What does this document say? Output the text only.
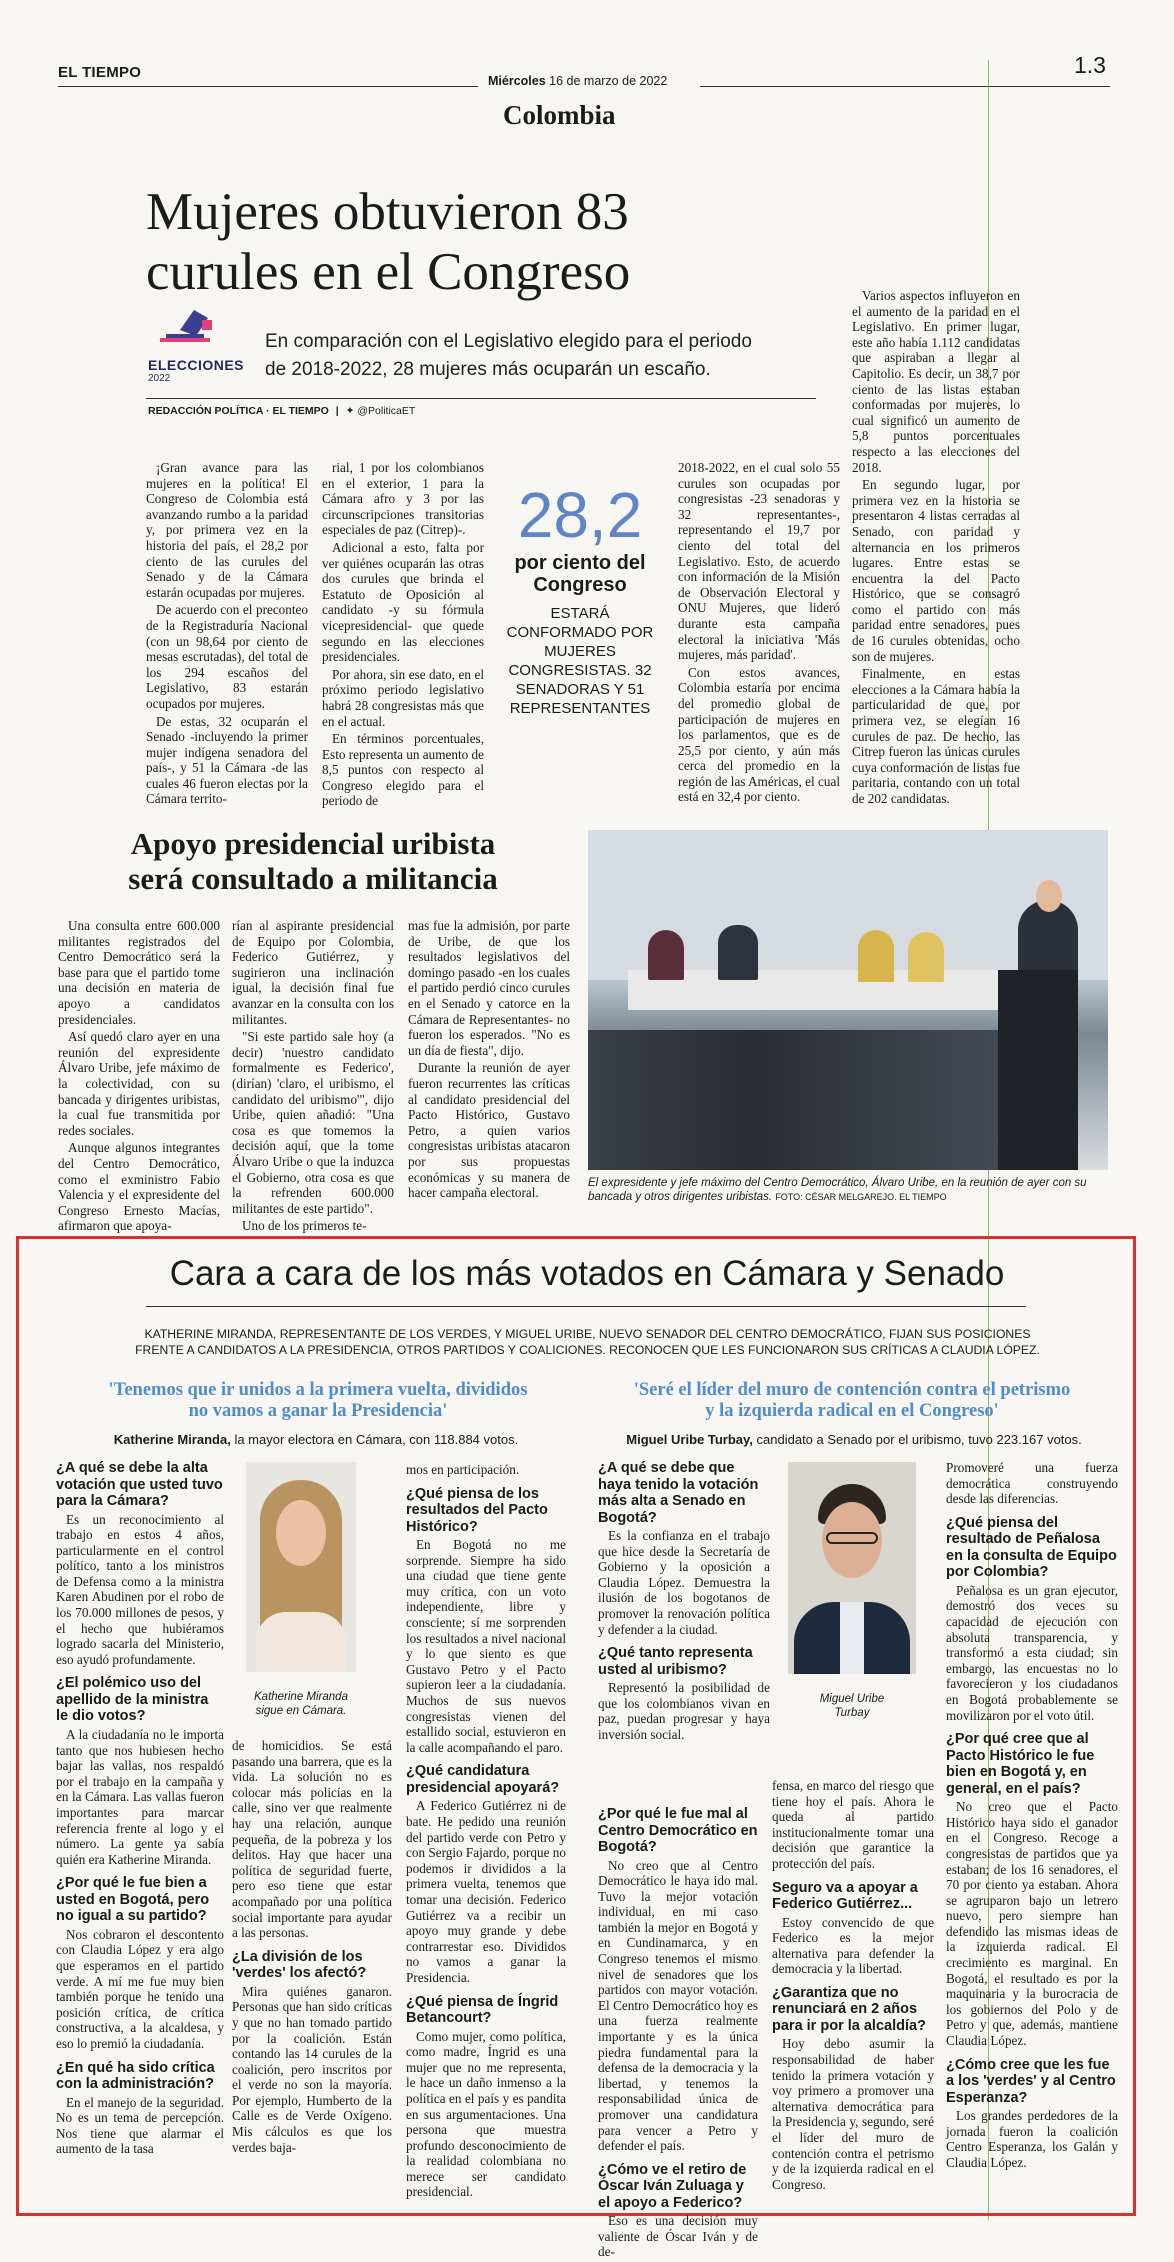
EL TIEMPO	Miércoles 16 de marzo de 2022
Colombia
1.3
Mujeres obtuvieron 83
curules en el Congreso
ELECCIONES
2022
En comparación con el Legislativo elegido para el periodo
de 2018-2022, 28 mujeres más ocuparán un escaño.
REDACCIÓN POLÍTICA · EL TIEMPO | ✦ @PoliticaET

¡Gran avance para las mujeres en la política! El Congreso de Colombia está avanzando rumbo a la paridad y, por primera vez en la historia del país, el 28,2 por ciento de las curules del Senado y de la Cámara estarán ocupadas por mujeres.

De acuerdo con el preconteo de la Registraduría Nacional (con un 98,64 por ciento de mesas escrutadas), del total de los 294 escaños del Legislativo, 83 estarán ocupados por mujeres.

De estas, 32 ocuparán el Senado -incluyendo la primer mujer indígena senadora del país-, y 51 la Cámara -de las cuales 46 fueron electas por la Cámara territo-

rial, 1 por los colombianos en el exterior, 1 para la Cámara afro y 3 por las circunscripciones transitorias especiales de paz (Citrep)-.

Adicional a esto, falta por ver quiénes ocuparán las otras dos curules que brinda el Estatuto de Oposición al candidato -y su fórmula vicepresidencial- que quede segundo en las elecciones presidenciales.

Por ahora, sin ese dato, en el próximo periodo legislativo habrá 28 congresistas más que en el actual.

En términos porcentuales, Esto representa un aumento de 8,5 puntos con respecto al Congreso elegido para el periodo de

28,2
por ciento del
Congreso
ESTARÁ CONFORMADO POR MUJERES CONGRESISTAS. 32 SENADORAS Y 51 REPRESENTANTES

2018-2022, en el cual solo 55 curules son ocupadas por congresistas -23 senadoras y 32 representantes-, representando el 19,7 por ciento del total del Legislativo. Esto, de acuerdo con información de la Misión de Observación Electoral y ONU Mujeres, que lideró durante esta campaña electoral la iniciativa 'Más mujeres, más paridad'.

Con estos avances, Colombia estaría por encima del promedio global de participación de mujeres en los parlamentos, que es de 25,5 por ciento, y aún más cerca del promedio en la región de las Américas, el cual está en 32,4 por ciento.

Varios aspectos influyeron en el aumento de la paridad en el Legislativo. En primer lugar, este año había 1.112 candidatas que aspiraban a llegar al Capitolio. Es decir, un 38,7 por ciento de las listas estaban conformadas por mujeres, lo cual significó un aumento de 5,8 puntos porcentuales respecto a las elecciones del 2018.

En segundo lugar, por primera vez en la historia se presentaron 4 listas cerradas al Senado, con paridad y alternancia en los primeros lugares. Entre estas se encuentra la del Pacto Histórico, que se consagró como el partido con más paridad entre senadores, pues de 16 curules obtenidas, ocho son de mujeres.

Finalmente, en estas elecciones a la Cámara había la particularidad de que, por primera vez, se elegían 16 curules de paz. De hecho, las Citrep fueron las únicas curules cuya conformación de listas fue paritaria, contando con un total de 202 candidatas.

Apoyo presidencial uribista
será consultado a militancia

Una consulta entre 600.000 militantes registrados del Centro Democrático será la base para que el partido tome una decisión en materia de apoyo a candidatos presidenciales.

Así quedó claro ayer en una reunión del expresidente Álvaro Uribe, jefe máximo de la colectividad, con su bancada y dirigentes uribistas, la cual fue transmitida por redes sociales.

Aunque algunos integrantes del Centro Democrático, como el exministro Fabio Valencia y el expresidente del Congreso Ernesto Macías, afirmaron que apoya-

rían al aspirante presidencial de Equipo por Colombia, Federico Gutiérrez, y sugirieron una inclinación igual, la decisión final fue avanzar en la consulta con los militantes.

"Si este partido sale hoy (a decir) 'nuestro candidato formalmente es Federico', (dirían) 'claro, el uribismo, el candidato del uribismo'", dijo Uribe, quien añadió: "Una cosa es que tomemos la decisión aquí, que la tome Álvaro Uribe o que la induzca el Gobierno, otra cosa es que la refrenden 600.000 militantes de este partido".

Uno de los primeros te-

mas fue la admisión, por parte de Uribe, de que los resultados legislativos del domingo pasado -en los cuales el partido perdió cinco curules en el Senado y catorce en la Cámara de Representantes- no fueron los esperados. "No es un día de fiesta", dijo.

Durante la reunión de ayer fueron recurrentes las críticas al candidato presidencial del Pacto Histórico, Gustavo Petro, a quien varios congresistas uribistas atacaron por sus propuestas económicas y su manera de hacer campaña electoral.

El expresidente y jefe máximo del Centro Democrático, Álvaro Uribe, en la reunión de ayer con su bancada y otros dirigentes uribistas. FOTO: CÉSAR MELGAREJO. EL TIEMPO
Cara a cara de los más votados en Cámara y Senado
KATHERINE MIRANDA, REPRESENTANTE DE LOS VERDES, Y MIGUEL URIBE, NUEVO SENADOR DEL CENTRO DEMOCRÁTICO, FIJAN SUS POSICIONES FRENTE A CANDIDATOS A LA PRESIDENCIA, OTROS PARTIDOS Y COALICIONES. RECONOCEN QUE LES FUNCIONARON SUS CRÍTICAS A CLAUDIA LÓPEZ.
'Tenemos que ir unidos a la primera vuelta, divididos no vamos a ganar la Presidencia'
Katherine Miranda, la mayor electora en Cámara, con 118.884 votos.
'Seré el líder del muro de contención contra el petrismo y la izquierda radical en el Congreso'
Miguel Uribe Turbay, candidato a Senado por el uribismo, tuvo 223.167 votos.
¿A qué se debe la alta votación que usted tuvo para la Cámara?

Es un reconocimiento al trabajo en estos 4 años, particularmente en el control político, tanto a los ministros de Defensa como a la ministra Karen Abudinen por el robo de los 70.000 millones de pesos, y el hecho que hubiéramos logrado sacarla del Ministerio, eso ayudó profundamente.

¿El polémico uso del apellido de la ministra le dio votos?

A la ciudadanía no le importa tanto que nos hubiesen hecho bajar las vallas, nos respaldó por el trabajo en la campaña y en la Cámara. Las vallas fueron importantes para marcar referencia frente al logo y el número. La gente ya sabía quién era Katherine Miranda.

¿Por qué le fue bien a usted en Bogotá, pero no igual a su partido?

Nos cobraron el descontento con Claudia López y era algo que esperamos en el partido verde. A mí me fue muy bien también porque he tenido una posición crítica, de crítica constructiva, a la alcaldesa, y eso lo premió la ciudadanía.

¿En qué ha sido crítica con la administración?

En el manejo de la seguridad. No es un tema de percepción. Nos tiene que alarmar el aumento de la tasa

Katherine Miranda
sigue en Cámara.

de homicidios. Se está pasando una barrera, que es la vida. La solución no es colocar más policías en la calle, sino ver que realmente hay una relación, aunque pequeña, de la pobreza y los delitos. Hay que hacer una política de seguridad fuerte, pero eso tiene que estar acompañado por una política social importante para ayudar a las personas.

¿La división de los 'verdes' los afectó?

Mira quiénes ganaron. Personas que han sido críticas y que no han tomado partido por la coalición. Están contando las 14 curules de la coalición, pero inscritos por el verde no son la mayoría. Por ejemplo, Humberto de la Calle es de Verde Oxígeno. Mis cálculos es que los verdes baja-

mos en participación.

¿Qué piensa de los resultados del Pacto Histórico?

En Bogotá no me sorprende. Siempre ha sido una ciudad que tiene gente muy crítica, con un voto independiente, libre y consciente; sí me sorprenden los resultados a nivel nacional y lo que siento es que Gustavo Petro y el Pacto supieron leer a la ciudadanía. Muchos de sus nuevos congresistas vienen del estallido social, estuvieron en la calle acompañando el paro.

¿Qué candidatura presidencial apoyará?

A Federico Gutiérrez ni de bate. He pedido una reunión del partido verde con Petro y con Sergio Fajardo, porque no podemos ir divididos a la primera vuelta, tenemos que tomar una decisión. Federico Gutiérrez va a recibir un apoyo muy grande y debe contrarrestar eso. Divididos no vamos a ganar la Presidencia.

¿Qué piensa de Íngrid Betancourt?

Como mujer, como política, como madre, Íngrid es una mujer que no me representa, le hace un daño inmenso a la política en el país y es pandita en sus argumentaciones. Una persona que muestra profundo desconocimiento de la realidad colombiana no merece ser candidato presidencial.

¿A qué se debe que haya tenido la votación más alta a Senado en Bogotá?

Es la confianza en el trabajo que hice desde la Secretaría de Gobierno y la oposición a Claudia López. Demuestra la ilusión de los bogotanos de promover la renovación política y defender a la ciudad.

¿Qué tanto representa usted al uribismo?

Representó la posibilidad de que los colombianos vivan en paz, puedan progresar y haya inversión social.

¿Por qué le fue mal al Centro Democrático en Bogotá?

No creo que al Centro Democrático le haya ido mal. Tuvo la mejor votación individual, en mi caso también la mejor en Bogotá y en Cundinamarca, y en Congreso tenemos el mismo nivel de senadores que los partidos con mayor votación. El Centro Democrático hoy es una fuerza realmente importante y es la única piedra fundamental para la defensa de la democracia y la libertad, y tenemos la responsabilidad única de promover una candidatura para vencer a Petro y defender el país.

¿Cómo ve el retiro de Óscar Iván Zuluaga y el apoyo a Federico?

Eso es una decisión muy valiente de Óscar Iván y de de-

Miguel Uribe
Turbay

fensa, en marco del riesgo que tiene hoy el país. Ahora le queda al partido institucionalmente tomar una decisión que garantice la protección del país.

Seguro va a apoyar a Federico Gutiérrez...

Estoy convencido de que Federico es la mejor alternativa para defender la democracia y la libertad.

¿Garantiza que no renunciará en 2 años para ir por la alcaldía?

Hoy debo asumir la responsabilidad de haber tenido la primera votación y voy primero a promover una alternativa democrática para la Presidencia y, segundo, seré el líder del muro de contención contra el petrismo y de la izquierda radical en el Congreso.

Promoveré una fuerza democrática construyendo desde las diferencias.

¿Qué piensa del resultado de Peñalosa en la consulta de Equipo por Colombia?

Peñalosa es un gran ejecutor, demostró dos veces su capacidad de ejecución con absoluta transparencia, y transformó a esta ciudad; sin embargo, las encuestas no lo favorecieron y los ciudadanos en Bogotá probablemente se movilizaron por el voto útil.

¿Por qué cree que al Pacto Histórico le fue bien en Bogotá y, en general, en el país?

No creo que el Pacto Histórico haya sido el ganador en el Congreso. Recoge a congresistas de partidos que ya estaban; de los 16 senadores, el 70 por ciento ya estaban. Ahora se agruparon bajo un letrero nuevo, pero siempre han defendido las mismas ideas de la izquierda radical. El crecimiento es marginal. En Bogotá, el resultado es por la maquinaria y la burocracia de los gobiernos del Polo y de Petro y que, además, mantiene Claudia López.

¿Cómo cree que les fue a los 'verdes' y al Centro Esperanza?

Los grandes perdedores de la jornada fueron la coalición Centro Esperanza, los Galán y Claudia López.
